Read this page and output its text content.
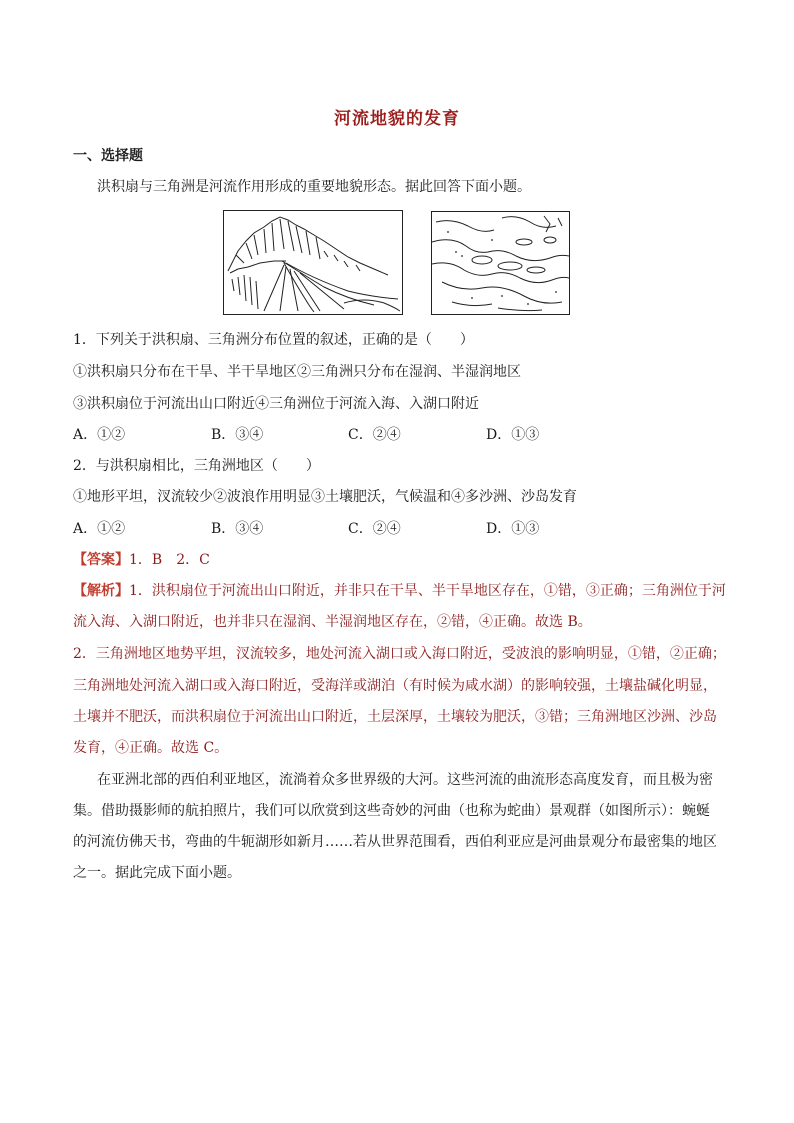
河流地貌的发育
一、选择题
洪积扇与三角洲是河流作用形成的重要地貌形态。据此回答下面小题。
1．下列关于洪积扇、三角洲分布位置的叙述，正确的是（　　）
①洪积扇只分布在干旱、半干旱地区②三角洲只分布在湿润、半湿润地区
③洪积扇位于河流出山口附近④三角洲位于河流入海、入湖口附近
A．①②	B．③④	C．②④	D．①③
2．与洪积扇相比，三角洲地区（　　）
①地形平坦，汊流较少②波浪作用明显③土壤肥沃，气候温和④多沙洲、沙岛发育
A．①②	B．③④	C．②④	D．①③
【答案】1．B　2．C
【解析】1．洪积扇位于河流出山口附近，并非只在干旱、半干旱地区存在，①错，③正确；三角洲位于河
流入海、入湖口附近，也并非只在湿润、半湿润地区存在，②错，④正确。故选 B。
2．三角洲地区地势平坦，汊流较多，地处河流入湖口或入海口附近，受波浪的影响明显，①错，②正确；
三角洲地处河流入湖口或入海口附近，受海洋或湖泊（有时候为咸水湖）的影响较强，土壤盐碱化明显，
土壤并不肥沃，而洪积扇位于河流出山口附近，土层深厚，土壤较为肥沃，③错；三角洲地区沙洲、沙岛
发育，④正确。故选 C。
在亚洲北部的西伯利亚地区，流淌着众多世界级的大河。这些河流的曲流形态高度发育，而且极为密
集。借助摄影师的航拍照片，我们可以欣赏到这些奇妙的河曲（也称为蛇曲）景观群（如图所示）：蜿蜒
的河流仿佛天书，弯曲的牛轭湖形如新月……若从世界范围看，西伯利亚应是河曲景观分布最密集的地区
之一。据此完成下面小题。
